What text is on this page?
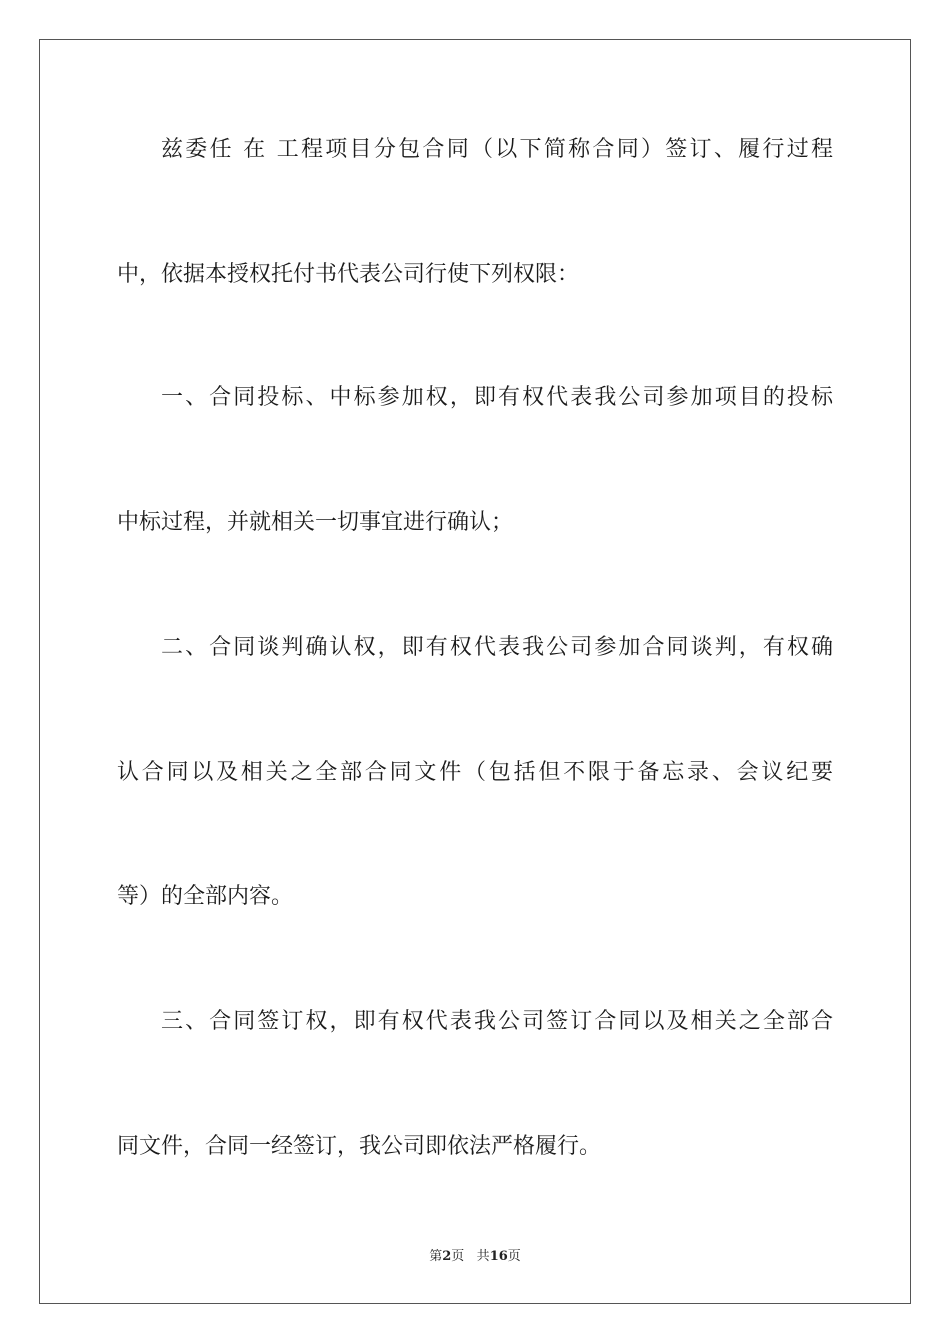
兹委任 在 工程项目分包合同（以下简称合同）签订、履行过程
中，依据本授权托付书代表公司行使下列权限：
一、合同投标、中标参加权，即有权代表我公司参加项目的投标
中标过程，并就相关一切事宜进行确认；
二、合同谈判确认权，即有权代表我公司参加合同谈判，有权确
认合同以及相关之全部合同文件（包括但不限于备忘录、会议纪要
等）的全部内容。
三、合同签订权，即有权代表我公司签订合同以及相关之全部合
同文件，合同一经签订，我公司即依法严格履行。
第2页 共16页
